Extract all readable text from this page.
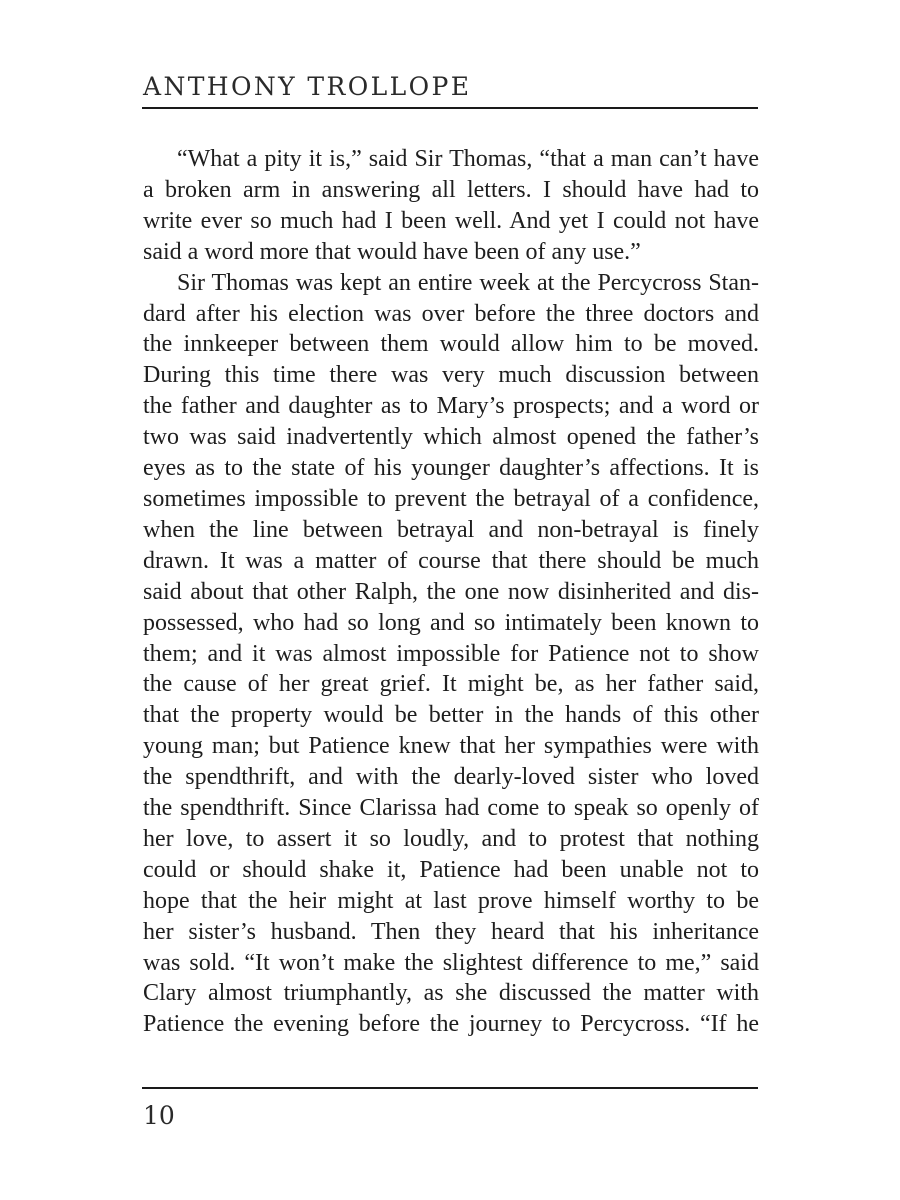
ANTHONY TROLLOPE
“What a pity it is,” said Sir Thomas, “that a man can’t have
a broken arm in answering all letters. I should have had to
write ever so much had I been well. And yet I could not have
said a word more that would have been of any use.”
Sir Thomas was kept an entire week at the Percycross Stan-
dard after his election was over before the three doctors and
the innkeeper between them would allow him to be moved.
During this time there was very much discussion between
the father and daughter as to Mary’s prospects; and a word or
two was said inadvertently which almost opened the father’s
eyes as to the state of his younger daughter’s affections. It is
sometimes impossible to prevent the betrayal of a confidence,
when the line between betrayal and non-betrayal is finely
drawn. It was a matter of course that there should be much
said about that other Ralph, the one now disinherited and dis-
possessed, who had so long and so intimately been known to
them; and it was almost impossible for Patience not to show
the cause of her great grief. It might be, as her father said,
that the property would be better in the hands of this other
young man; but Patience knew that her sympathies were with
the spendthrift, and with the dearly-loved sister who loved
the spendthrift. Since Clarissa had come to speak so openly of
her love, to assert it so loudly, and to protest that nothing
could or should shake it, Patience had been unable not to
hope that the heir might at last prove himself worthy to be
her sister’s husband. Then they heard that his inheritance
was sold. “It won’t make the slightest difference to me,” said
Clary almost triumphantly, as she discussed the matter with
Patience the evening before the journey to Percycross. “If he
10
